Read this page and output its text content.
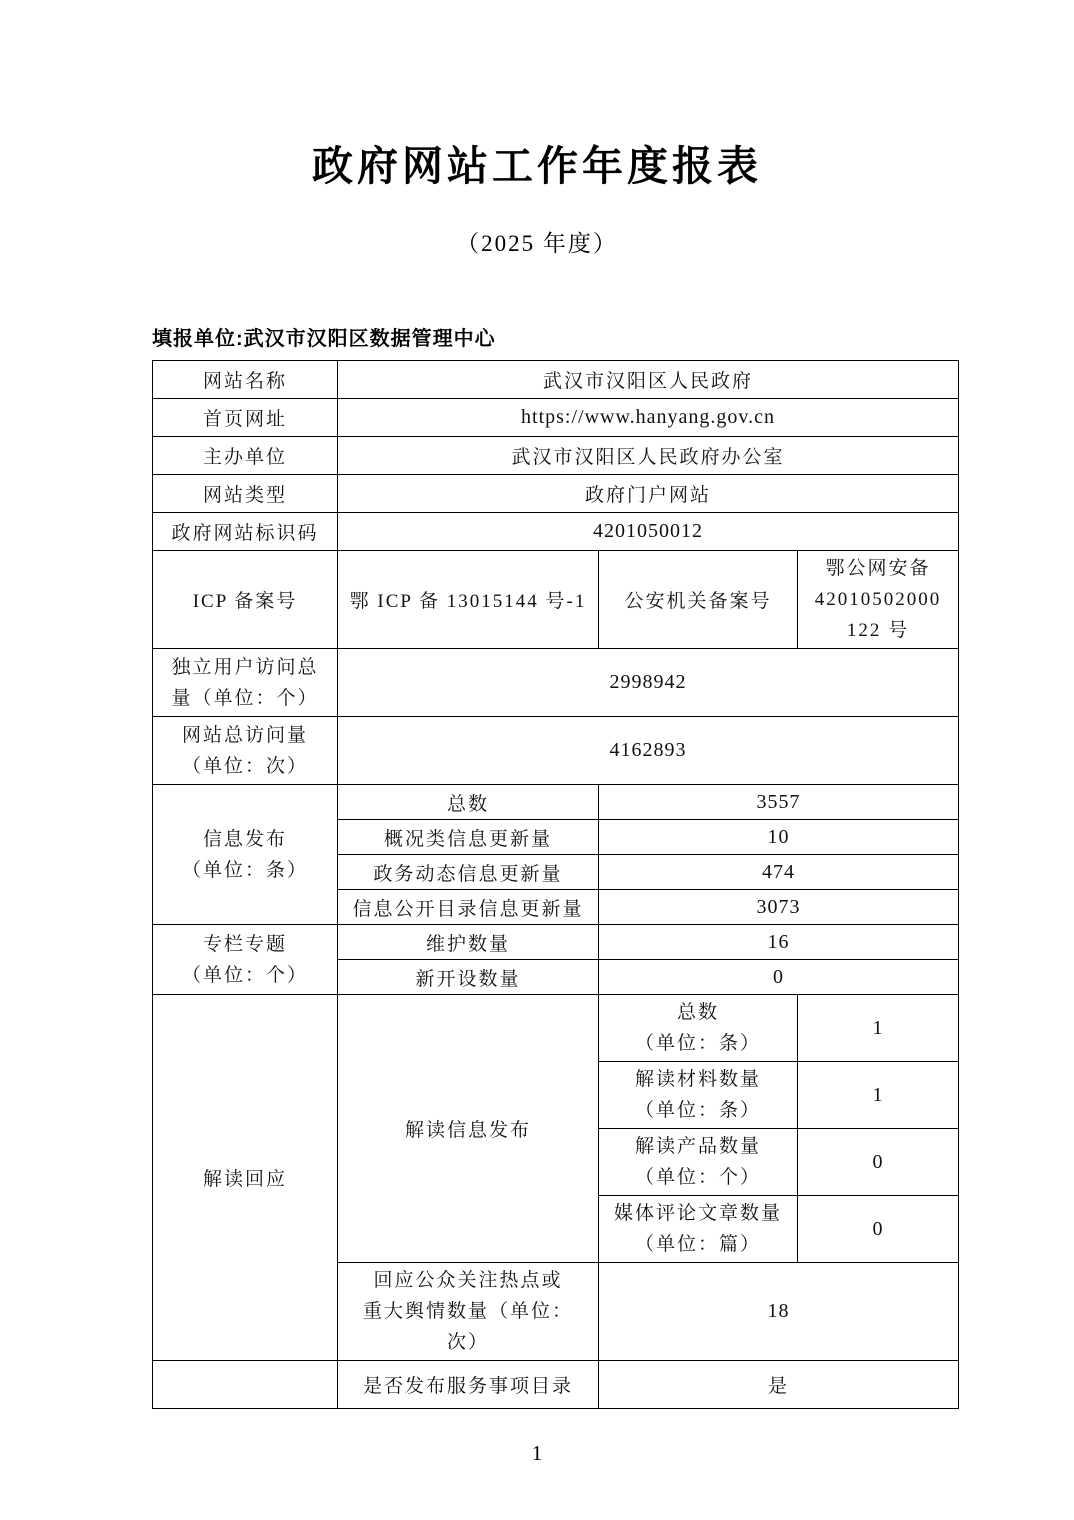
政府网站工作年度报表
（2025 年度）
填报单位:武汉市汉阳区数据管理中心
网站名称	武汉市汉阳区人民政府		
首页网址	https://www.hanyang.gov.cn		
主办单位	武汉市汉阳区人民政府办公室		
网站类型	政府门户网站		
政府网站标识码	4201050012		
ICP 备案号	鄂 ICP 备 13015144 号-1	公安机关备案号	鄂公网安备
42010502000
122 号

独立用户访问总
量（单位：个）	2998942		

网站总访问量
（单位：次）	4162893		

信息发布
（单位：条）	总数	3557	
	概况类信息更新量	10	
	政务动态信息更新量	474	
	信息公开目录信息更新量	3073	

专栏专题
（单位：个）	维护数量	16	
	新开设数量	0	
解读回应	解读信息发布	总数
（单位：条）	1

		解读材料数量
（单位：条）	1

		解读产品数量
（单位：个）	0

		媒体评论文章数量
（单位：篇）	0

	回应公众关注热点或
重大舆情数量（单位：
次）	18	
	是否发布服务事项目录	是	
1
